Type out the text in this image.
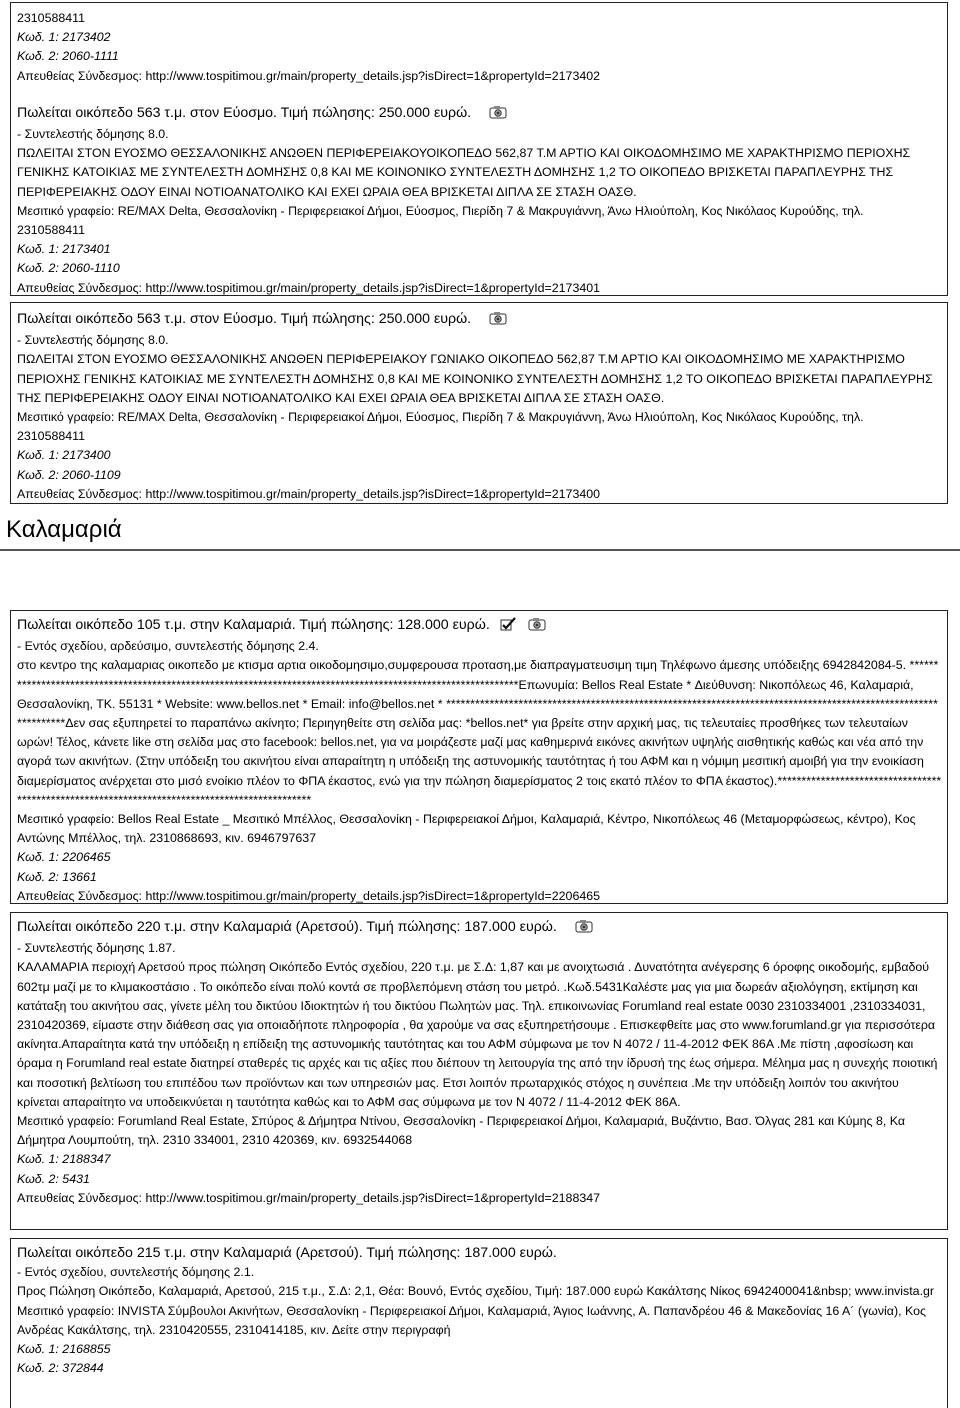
2310588411
Κωδ. 1: 2173402
Κωδ. 2: 2060-1111
Απευθείας Σύνδεσμος: http://www.tospitimou.gr/main/property_details.jsp?isDirect=1&propertyId=2173402
Πωλείται οικόπεδο 563 τ.μ. στον Εύοσμο. Τιμή πώλησης: 250.000 ευρώ.
- Συντελεστής δόμησης 8.0.
ΠΩΛΕΙΤΑΙ ΣΤΟΝ ΕΥΟΣΜΟ ΘΕΣΣΑΛΟΝΙΚΗΣ ΑΝΩΘΕΝ ΠΕΡΙΦΕΡΕΙΑΚΟΥΟΙΚΟΠΕΔΟ 562,87 Τ.Μ ΑΡΤΙΟ ΚΑΙ ΟΙΚΟΔΟΜΗΣΙΜΟ ΜΕ ΧΑΡΑΚΤΗΡΙΣΜΟ ΠΕΡΙΟΧΗΣ ΓΕΝΙΚΗΣ ΚΑΤΟΙΚΙΑΣ ΜΕ ΣΥΝΤΕΛΕΣΤΗ ΔΟΜΗΣΗΣ 0,8 ΚΑΙ ΜΕ ΚΟΙΝΟΝΙΚΟ ΣΥΝΤΕΛΕΣΤΗ ΔΟΜΗΣΗΣ 1,2 ΤΟ ΟΙΚΟΠΕΔΟ ΒΡΙΣΚΕΤΑΙ ΠΑΡΑΠΛΕΥΡΗΣ ΤΗΣ ΠΕΡΙΦΕΡΕΙΑΚΗΣ ΟΔΟΥ ΕΙΝΑΙ ΝΟΤΙΟΑΝΑΤΟΛΙΚΟ ΚΑΙ ΕΧΕΙ ΩΡΑΙΑ ΘΕΑ ΒΡΙΣΚΕΤΑΙ ΔΙΠΛΑ ΣΕ ΣΤΑΣΗ ΟΑΣΘ.
Μεσιτικό γραφείο: RE/MAX Delta, Θεσσαλονίκη - Περιφερειακοί Δήμοι, Εύοσμος, Πιερίδη 7 & Μακρυγιάννη, Άνω Ηλιούπολη, Κος Νικόλαος Κυρούδης, τηλ.
2310588411
Κωδ. 1: 2173401
Κωδ. 2: 2060-1110
Απευθείας Σύνδεσμος: http://www.tospitimou.gr/main/property_details.jsp?isDirect=1&propertyId=2173401
Πωλείται οικόπεδο 563 τ.μ. στον Εύοσμο. Τιμή πώλησης: 250.000 ευρώ.
- Συντελεστής δόμησης 8.0.
ΠΩΛΕΙΤΑΙ ΣΤΟΝ ΕΥΟΣΜΟ ΘΕΣΣΑΛΟΝΙΚΗΣ ΑΝΩΘΕΝ ΠΕΡΙΦΕΡΕΙΑΚΟΥ ΓΩΝΙΑΚΟ ΟΙΚΟΠΕΔΟ 562,87 Τ.Μ ΑΡΤΙΟ ΚΑΙ ΟΙΚΟΔΟΜΗΣΙΜΟ ΜΕ ΧΑΡΑΚΤΗΡΙΣΜΟ ΠΕΡΙΟΧΗΣ ΓΕΝΙΚΗΣ ΚΑΤΟΙΚΙΑΣ ΜΕ ΣΥΝΤΕΛΕΣΤΗ ΔΟΜΗΣΗΣ 0,8 ΚΑΙ ΜΕ ΚΟΙΝΟΝΙΚΟ ΣΥΝΤΕΛΕΣΤΗ ΔΟΜΗΣΗΣ 1,2 ΤΟ ΟΙΚΟΠΕΔΟ ΒΡΙΣΚΕΤΑΙ ΠΑΡΑΠΛΕΥΡΗΣ ΤΗΣ ΠΕΡΙΦΕΡΕΙΑΚΗΣ ΟΔΟΥ ΕΙΝΑΙ ΝΟΤΙΟΑΝΑΤΟΛΙΚΟ ΚΑΙ ΕΧΕΙ ΩΡΑΙΑ ΘΕΑ ΒΡΙΣΚΕΤΑΙ ΔΙΠΛΑ ΣΕ ΣΤΑΣΗ ΟΑΣΘ.
Μεσιτικό γραφείο: RE/MAX Delta, Θεσσαλονίκη - Περιφερειακοί Δήμοι, Εύοσμος, Πιερίδη 7 & Μακρυγιάννη, Άνω Ηλιούπολη, Κος Νικόλαος Κυρούδης, τηλ.
2310588411
Κωδ. 1: 2173400
Κωδ. 2: 2060-1109
Απευθείας Σύνδεσμος: http://www.tospitimou.gr/main/property_details.jsp?isDirect=1&propertyId=2173400
Καλαμαριά
Πωλείται οικόπεδο 105 τ.μ. στην Καλαμαριά. Τιμή πώλησης: 128.000 ευρώ.
- Εντός σχεδίου, αρδεύσιμο, συντελεστής δόμησης 2.4.
στο κεντρο της καλαμαριας οικοπεδο με κτισμα αρτια οικοδομησιμο,συμφερουσα προταση,με διαπραγματευσιμη τιμη Τηλέφωνο άμεσης υπόδειξης 6942842084-5. **************************************************************************************************************Επωνυμία: Bellos Real Estate * Διεύθυνση: Νικοπόλεως 46, Καλαμαριά, Θεσσαλονίκη, ΤΚ. 55131 * Website: www.bellos.net * Email: info@bellos.net * ****************************************************************************************************************Δεν σας εξυπηρετεί το παραπάνω ακίνητο; Περιηγηθείτε στη σελίδα μας: *bellos.net* για βρείτε στην αρχική μας, τις τελευταίες προσθήκες των τελευταίων ωρών! Τέλος, κάνετε like στη σελίδα μας στο facebook: bellos.net, για να μοιράζεστε μαζί μας καθημερινά εικόνες ακινήτων υψηλής αισθητικής καθώς και νέα από την αγορά των ακινήτων. (Στην υπόδειξη του ακινήτου είναι απαραίτητη η υπόδειξη της αστυνομικής ταυτότητας ή του ΑΦΜ και η νόμιμη μεσιτική αμοιβή για την ενοικίαση διαμερίσματος ανέρχεται στο μισό ενοίκιο πλέον το ΦΠΑ έκαστος, ενώ για την πώληση διαμερίσματος 2 τοις εκατό πλέον το ΦΠΑ έκαστος).***********************************************************************************************
Μεσιτικό γραφείο: Bellos Real Estate _ Μεσιτικό Μπέλλος, Θεσσαλονίκη - Περιφερειακοί Δήμοι, Καλαμαριά, Κέντρο, Νικοπόλεως 46 (Μεταμορφώσεως, κέντρο), Κος Αντώνης Μπέλλος, τηλ. 2310868693, κιν. 6946797637
Κωδ. 1: 2206465
Κωδ. 2: 13661
Απευθείας Σύνδεσμος: http://www.tospitimou.gr/main/property_details.jsp?isDirect=1&propertyId=2206465
Πωλείται οικόπεδο 220 τ.μ. στην Καλαμαριά (Αρετσού). Τιμή πώλησης: 187.000 ευρώ.
- Συντελεστής δόμησης 1.87.
ΚΑΛΑΜΑΡΙΑ περιοχή Αρετσού προς πώληση Οικόπεδο Εντός σχεδίου, 220 τ.μ. με Σ.Δ: 1,87 και με ανοιχτωσιά . Δυνατότητα ανέγερσης 6 όροφης οικοδομής, εμβαδού 602τμ μαζί με το κλιμακοστάσιο . Το οικόπεδο είναι πολύ κοντά σε προβλεπόμενη στάση του μετρό. .Κωδ.5431Καλέστε μας για μια δωρεάν αξιολόγηση, εκτίμηση και κατάταξη του ακινήτου σας, γίνετε μέλη του δικτύου Ιδιοκτητών ή του δικτύου Πωλητών μας. Τηλ. επικοινωνίας Forumland real estate 0030 2310334001 ,2310334031, 2310420369, είμαστε στην διάθεση σας για οποιαδήποτε πληροφορία , θα χαρούμε να σας εξυπηρετήσουμε . Επισκεφθείτε μας στο www.forumland.gr για περισσότερα ακίνητα.Απαραίτητα κατά την υπόδειξη η επίδειξη της αστυνομικής ταυτότητας και του ΑΦΜ σύμφωνα με τον Ν 4072 / 11-4-2012 ΦΕΚ 86Α .Με πίστη ,αφοσίωση και όραμα η Forumland real estate διατηρεί σταθερές τις αρχές και τις αξίες που διέπουν τη λειτουργία της από την ίδρυσή της έως σήμερα. Μέλημα μας η συνεχής ποιοτική και ποσοτική βελτίωση του επιπέδου των προϊόντων και των υπηρεσιών μας. Ετσι λοιπόν πρωταρχικός στόχος η συνέπεια .Με την υπόδειξη λοιπόν του ακινήτου κρίνεται απαραίτητο να υποδεικνύεται η ταυτότητα καθώς και το ΑΦΜ σας σύμφωνα με τον Ν 4072 / 11-4-2012 ΦΕΚ 86Α.
Μεσιτικό γραφείο: Forumland Real Estate, Σπύρος & Δήμητρα Ντίνου, Θεσσαλονίκη - Περιφερειακοί Δήμοι, Καλαμαριά, Βυζάντιο, Βασ. Όλγας 281 και Κύμης 8, Κα Δήμητρα Λουμπούτη, τηλ. 2310 334001, 2310 420369, κιν. 6932544068
Κωδ. 1: 2188347
Κωδ. 2: 5431
Απευθείας Σύνδεσμος: http://www.tospitimou.gr/main/property_details.jsp?isDirect=1&propertyId=2188347
Πωλείται οικόπεδο 215 τ.μ. στην Καλαμαριά (Αρετσού). Τιμή πώλησης: 187.000 ευρώ.
- Εντός σχεδίου, συντελεστής δόμησης 2.1.
Προς Πώληση Οικόπεδο, Καλαμαριά, Αρετσού, 215 τ.μ., Σ.Δ: 2,1, Θέα: Βουνό, Εντός σχεδίου, Τιμή: 187.000 ευρώ Κακάλτσης Νίκος 6942400041&nbsp; www.invista.gr
Μεσιτικό γραφείο: INVISTA Σύμβουλοι Ακινήτων, Θεσσαλονίκη - Περιφερειακοί Δήμοι, Καλαμαριά, Άγιος Ιωάννης, Α. Παπανδρέου 46 & Μακεδονίας 16 Α´ (γωνία), Κος Ανδρέας Κακάλτσης, τηλ. 2310420555, 2310414185, κιν. Δείτε στην περιγραφή
Κωδ. 1: 2168855
Κωδ. 2: 372844
